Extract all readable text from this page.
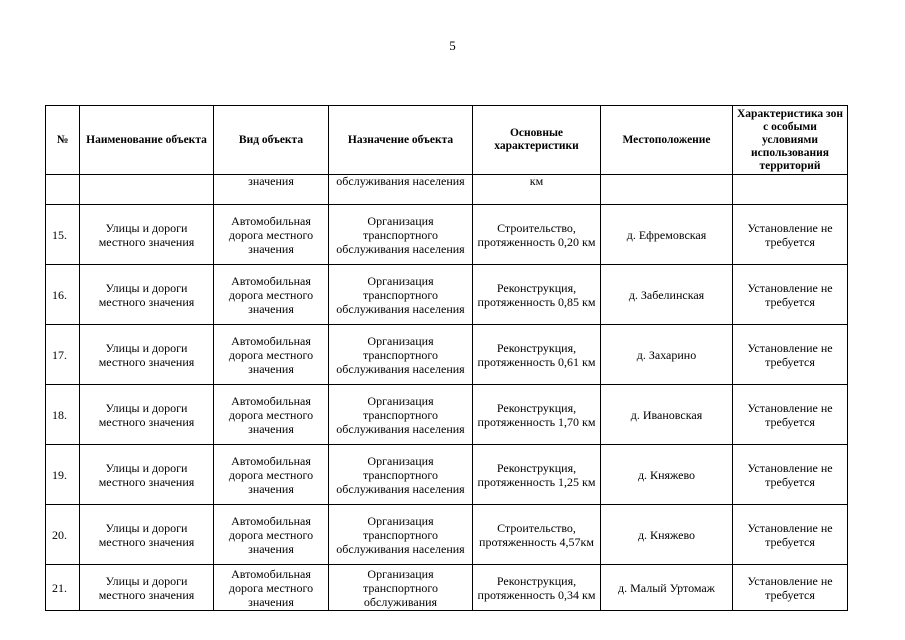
5
№	Наименование объекта	Вид объекта	Назначение объекта	Основные характеристики	Местоположение	Характеристика зон с особыми условиями использования территорий
		значения	обслуживания населения	км		

15.	Улицы и дороги местного значения	Автомобильная дорога местного значения	Организация транспортного обслуживания населения	Строительство, протяженность 0,20 км	д. Ефремовская	Установление не требуется

16.	Улицы и дороги местного значения	Автомобильная дорога местного значения	Организация транспортного обслуживания населения	Реконструкция, протяженность 0,85 км	д. Забелинская	Установление не требуется

17.	Улицы и дороги местного значения	Автомобильная дорога местного значения	Организация транспортного обслуживания населения	Реконструкция, протяженность 0,61 км	д. Захарино	Установление не требуется

18.	Улицы и дороги местного значения	Автомобильная дорога местного значения	Организация транспортного обслуживания населения	Реконструкция, протяженность 1,70 км	д. Ивановская	Установление не требуется

19.	Улицы и дороги местного значения	Автомобильная дорога местного значения	Организация транспортного обслуживания населения	Реконструкция, протяженность 1,25 км	д. Княжево	Установление не требуется

20.	Улицы и дороги местного значения	Автомобильная дорога местного значения	Организация транспортного обслуживания населения	Строительство, протяженность 4,57км	д. Княжево	Установление не требуется

21.	Улицы и дороги местного значения	Автомобильная дорога местного значения	Организация транспортного обслуживания	Реконструкция, протяженность 0,34 км	д. Малый Уртомаж	Установление не требуется
